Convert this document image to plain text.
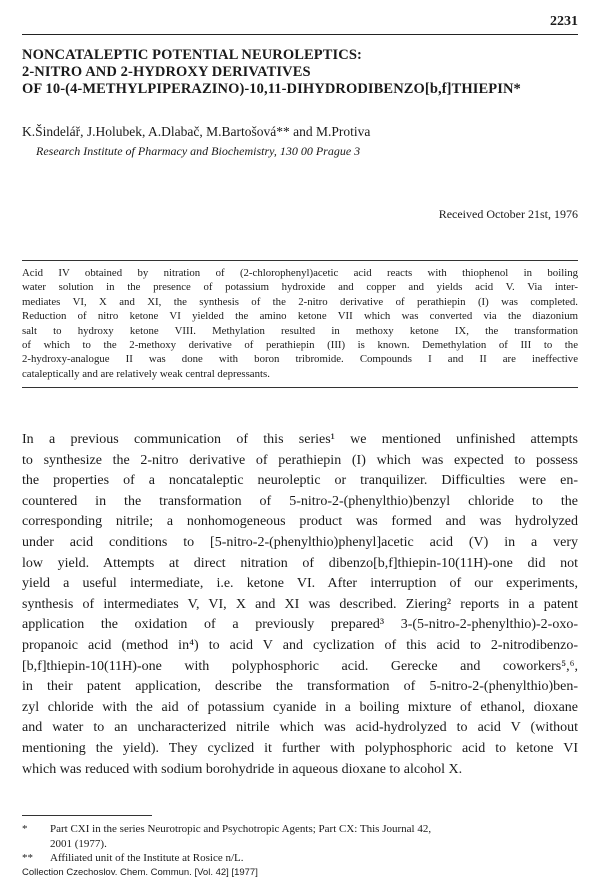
2231
NONCATALEPTIC POTENTIAL NEUROLEPTICS:
2-NITRO AND 2-HYDROXY DERIVATIVES
OF 10-(4-METHYLPIPERAZINO)-10,11-DIHYDRODIBENZO[b,f]THIEPIN*
K.Šindelář, J.Holubek, A.Dlabač, M.Bartošová** and M.Protiva
Research Institute of Pharmacy and Biochemistry, 130 00 Prague 3
Received October 21st, 1976
Acid IV obtained by nitration of (2-chlorophenyl)acetic acid reacts with thiophenol in boiling
water solution in the presence of potassium hydroxide and copper and yields acid V. Via inter-
mediates VI, X and XI, the synthesis of the 2-nitro derivative of perathiepin (I) was completed.
Reduction of nitro ketone VI yielded the amino ketone VII which was converted via the diazonium
salt to hydroxy ketone VIII. Methylation resulted in methoxy ketone IX, the transformation
of which to the 2-methoxy derivative of perathiepin (III) is known. Demethylation of III to the
2-hydroxy-analogue II was done with boron tribromide. Compounds I and II are ineffective
cataleptically and are relatively weak central depressants.
In a previous communication of this series¹ we mentioned unfinished attempts
to synthesize the 2-nitro derivative of perathiepin (I) which was expected to possess
the properties of a noncataleptic neuroleptic or tranquilizer. Difficulties were en-
countered in the transformation of 5-nitro-2-(phenylthio)benzyl chloride to the
corresponding nitrile; a nonhomogeneous product was formed and was hydrolyzed
under acid conditions to [5-nitro-2-(phenylthio)phenyl]acetic acid (V) in a very
low yield. Attempts at direct nitration of dibenzo[b,f]thiepin-10(11H)-one did not
yield a useful intermediate, i.e. ketone VI. After interruption of our experiments,
synthesis of intermediates V, VI, X and XI was described. Ziering² reports in a patent
application the oxidation of a previously prepared³ 3-(5-nitro-2-phenylthio)-2-oxo-
propanoic acid (method in⁴) to acid V and cyclization of this acid to 2-nitrodibenzo-
[b,f]thiepin-10(11H)-one with polyphosphoric acid. Gerecke and coworkers⁵,⁶,
in their patent application, describe the transformation of 5-nitro-2-(phenylthio)ben-
zyl chloride with the aid of potassium cyanide in a boiling mixture of ethanol, dioxane
and water to an uncharacterized nitrile which was acid-hydrolyzed to acid V (without
mentioning the yield). They cyclized it further with polyphosphoric acid to ketone VI
which was reduced with sodium borohydride in aqueous dioxane to alcohol X.
*	Part CXI in the series Neurotropic and Psychotropic Agents; Part CX: This Journal 42,
2001 (1977).
**	Affiliated unit of the Institute at Rosice n/L.
Collection Czechoslov. Chem. Commun. [Vol. 42] [1977]
